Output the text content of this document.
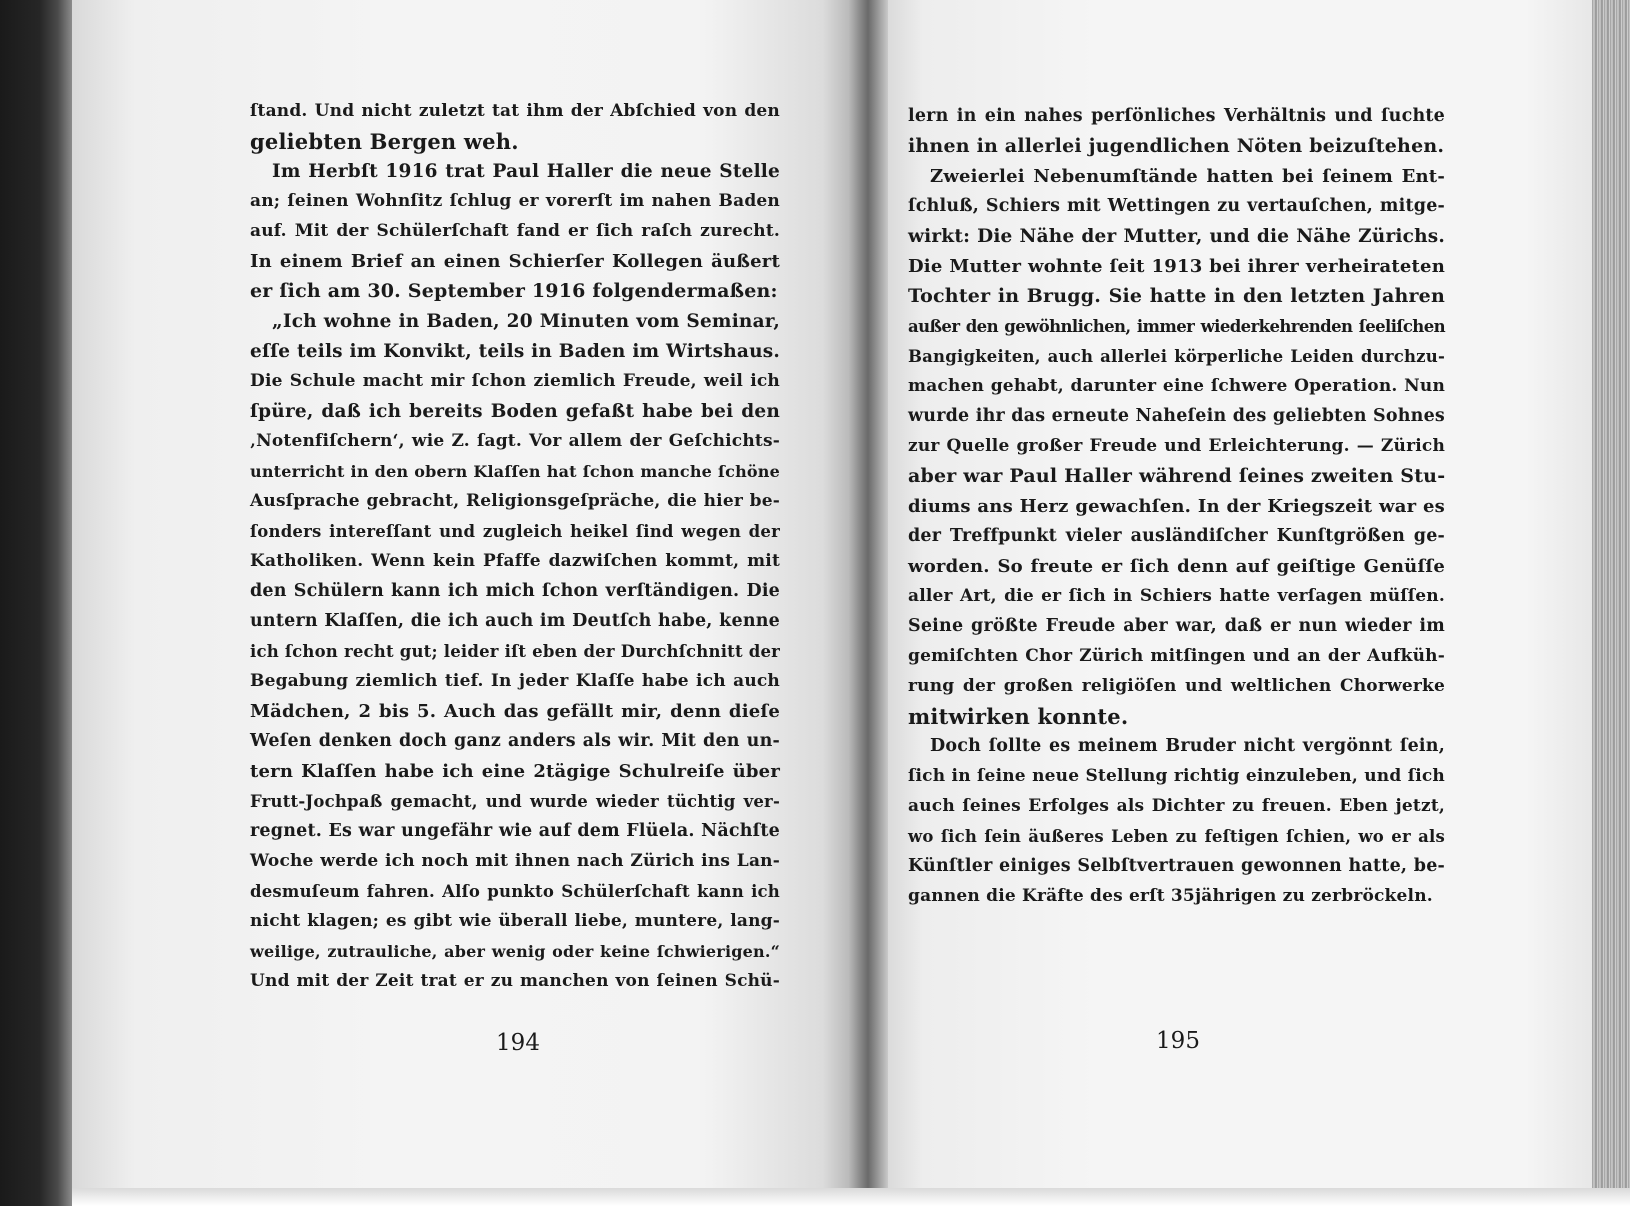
ſtand. Und nicht zuletzt tat ihm der Abſchied von den
geliebten Bergen weh.
Im Herbſt 1916 trat Paul Haller die neue Stelle
an; ſeinen Wohnſitz ſchlug er vorerſt im nahen Baden
auf. Mit der Schülerſchaft fand er ſich raſch zurecht.
In einem Brief an einen Schierſer Kollegen äußert
er ſich am 30. September 1916 folgendermaßen:
„Ich wohne in Baden, 20 Minuten vom Seminar,
eſſe teils im Konvikt, teils in Baden im Wirtshaus.
Die Schule macht mir ſchon ziemlich Freude, weil ich
ſpüre, daß ich bereits Boden gefaßt habe bei den
‚Notenfiſchern‘, wie Z. ſagt. Vor allem der Geſchichts-
unterricht in den obern Klaſſen hat ſchon manche ſchöne
Ausſprache gebracht, Religionsgeſpräche, die hier be-
ſonders intereſſant und zugleich heikel ſind wegen der
Katholiken. Wenn kein Pfaffe dazwiſchen kommt, mit
den Schülern kann ich mich ſchon verſtändigen. Die
untern Klaſſen, die ich auch im Deutſch habe, kenne
ich ſchon recht gut; leider iſt eben der Durchſchnitt der
Begabung ziemlich tief. In jeder Klaſſe habe ich auch
Mädchen, 2 bis 5. Auch das gefällt mir, denn dieſe
Weſen denken doch ganz anders als wir. Mit den un-
tern Klaſſen habe ich eine 2tägige Schulreiſe über
Frutt-Jochpaß gemacht, und wurde wieder tüchtig ver-
regnet. Es war ungefähr wie auf dem Flüela. Nächſte
Woche werde ich noch mit ihnen nach Zürich ins Lan-
desmuſeum fahren. Alſo punkto Schülerſchaft kann ich
nicht klagen; es gibt wie überall liebe, muntere, lang-
weilige, zutrauliche, aber wenig oder keine ſchwierigen.“
Und mit der Zeit trat er zu manchen von ſeinen Schü-
194
lern in ein nahes perſönliches Verhältnis und ſuchte
ihnen in allerlei jugendlichen Nöten beizuſtehen.
Zweierlei Nebenumſtände hatten bei ſeinem Ent-
ſchluß, Schiers mit Wettingen zu vertauſchen, mitge-
wirkt: Die Nähe der Mutter, und die Nähe Zürichs.
Die Mutter wohnte ſeit 1913 bei ihrer verheirateten
Tochter in Brugg. Sie hatte in den letzten Jahren
außer den gewöhnlichen, immer wiederkehrenden ſeeliſchen
Bangigkeiten, auch allerlei körperliche Leiden durchzu-
machen gehabt, darunter eine ſchwere Operation. Nun
wurde ihr das erneute Naheſein des geliebten Sohnes
zur Quelle großer Freude und Erleichterung. — Zürich
aber war Paul Haller während ſeines zweiten Stu-
diums ans Herz gewachſen. In der Kriegszeit war es
der Treffpunkt vieler ausländiſcher Kunſtgrößen ge-
worden. So freute er ſich denn auf geiſtige Genüſſe
aller Art, die er ſich in Schiers hatte verſagen müſſen.
Seine größte Freude aber war, daß er nun wieder im
gemiſchten Chor Zürich mitſingen und an der Aufküh-
rung der großen religiöſen und weltlichen Chorwerke
mitwirken konnte.
Doch ſollte es meinem Bruder nicht vergönnt ſein,
ſich in ſeine neue Stellung richtig einzuleben, und ſich
auch ſeines Erfolges als Dichter zu freuen. Eben jetzt,
wo ſich ſein äußeres Leben zu feſtigen ſchien, wo er als
Künſtler einiges Selbſtvertrauen gewonnen hatte, be-
gannen die Kräfte des erſt 35jährigen zu zerbröckeln.
195
